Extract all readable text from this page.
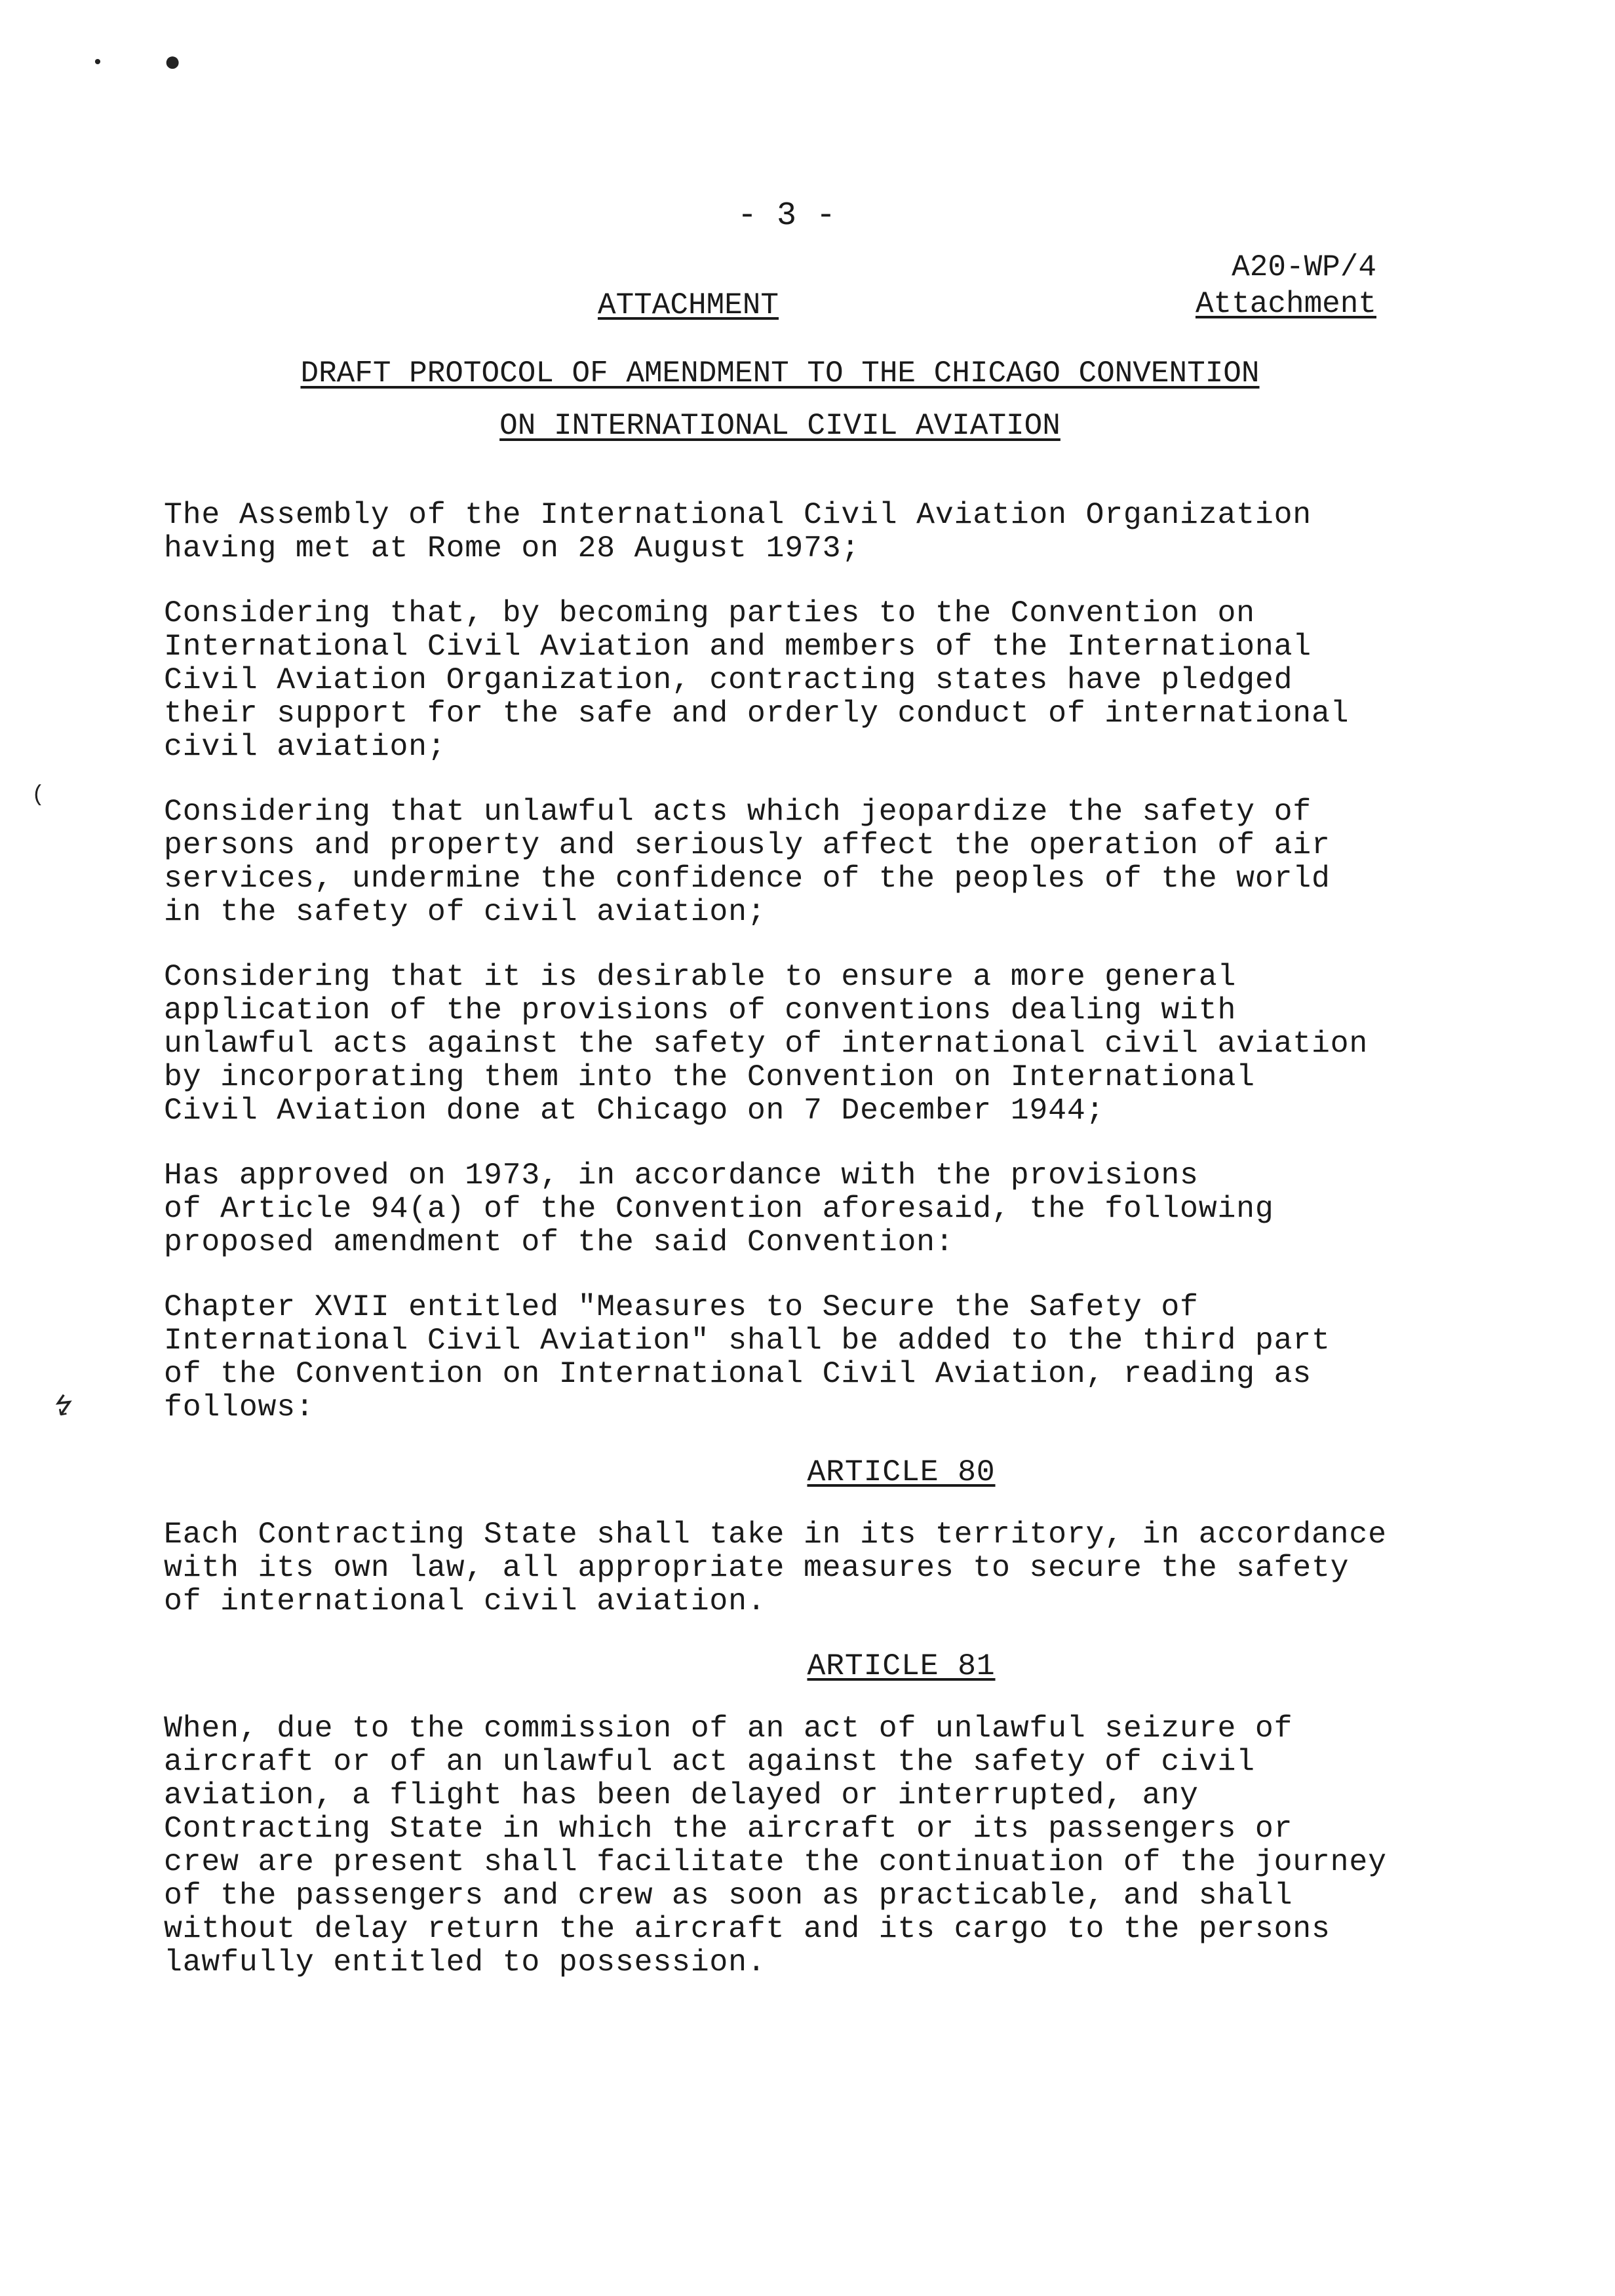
• ●
(
↯
- 3 -
A20-WP/4
Attachment
ATTACHMENT
DRAFT PROTOCOL OF AMENDMENT TO THE CHICAGO CONVENTION
ON INTERNATIONAL CIVIL AVIATION

The Assembly of the International Civil Aviation Organization
having met at Rome on 28 August 1973;

Considering that, by becoming parties to the Convention on
International Civil Aviation and members of the International
Civil Aviation Organization, contracting states have pledged
their support for the safe and orderly conduct of international
civil aviation;

Considering that unlawful acts which jeopardize the safety of
persons and property and seriously affect the operation of air
services, undermine the confidence of the peoples of the world
in the safety of civil aviation;

Considering that it is desirable to ensure a more general
application of the provisions of conventions dealing with
unlawful acts against the safety of international civil aviation
by incorporating them into the Convention on International
Civil Aviation done at Chicago on 7 December 1944;

Has approved on 1973, in accordance with the provisions
of Article 94(a) of the Convention aforesaid, the following
proposed amendment of the said Convention:

Chapter XVII entitled "Measures to Secure the Safety of
International Civil Aviation" shall be added to the third part
of the Convention on International Civil Aviation, reading as
follows:

ARTICLE 80

Each Contracting State shall take in its territory, in accordance
with its own law, all appropriate measures to secure the safety
of international civil aviation.

ARTICLE 81

When, due to the commission of an act of unlawful seizure of
aircraft or of an unlawful act against the safety of civil
aviation, a flight has been delayed or interrupted, any
Contracting State in which the aircraft or its passengers or
crew are present shall facilitate the continuation of the journey
of the passengers and crew as soon as practicable, and shall
without delay return the aircraft and its cargo to the persons
lawfully entitled to possession.
